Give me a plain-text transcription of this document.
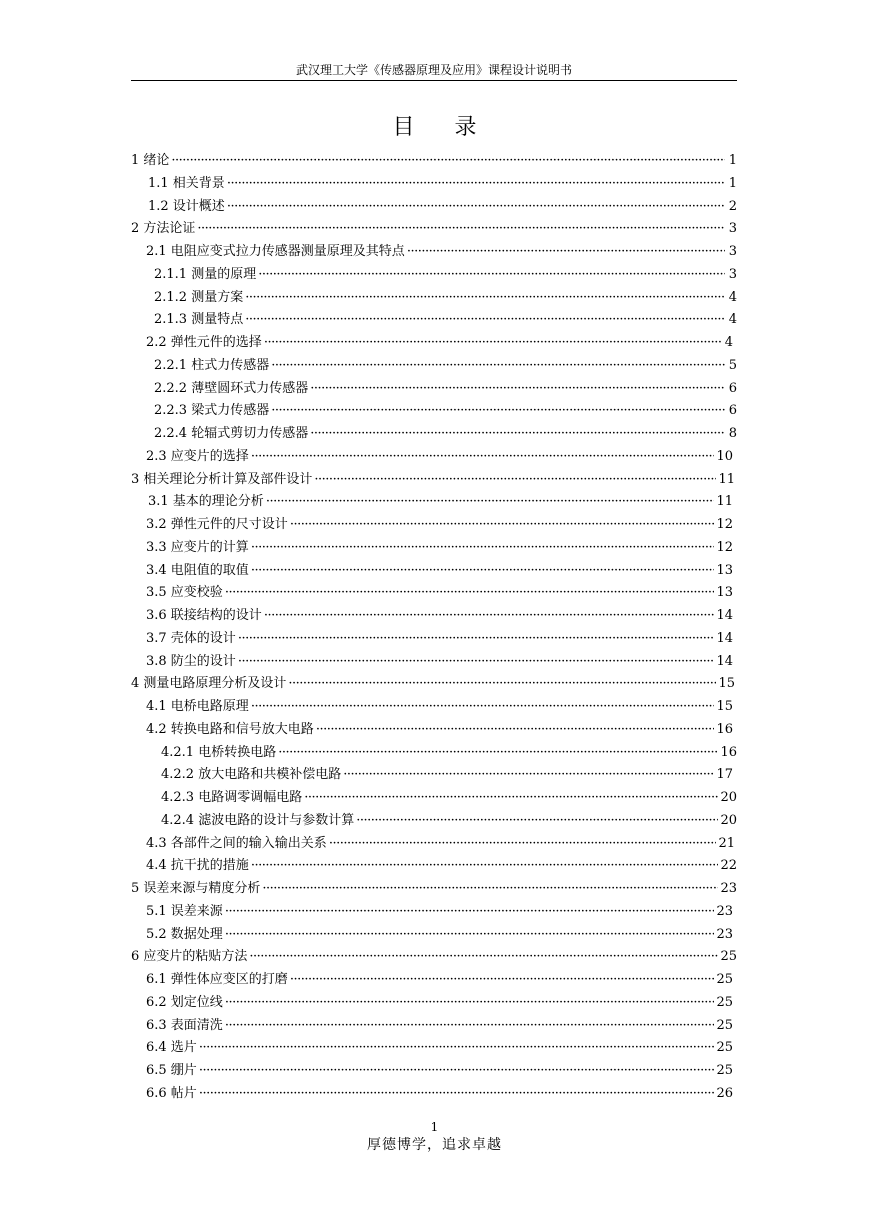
武汉理工大学《传感器原理及应用》课程设计说明书
目 录
1 绪论 ·····	1
1.1 相关背景 ·····	1
1.2 设计概述 ·····	2
2 方法论证 ·····	3
2.1 电阻应变式拉力传感器测量原理及其特点 ·····	3
2.1.1 测量的原理 ·····	3
2.1.2 测量方案 ·····	4
2.1.3 测量特点 ·····	4
2.2 弹性元件的选择 ·····	4
2.2.1 柱式力传感器 ·····	5
2.2.2 薄壁圆环式力传感器 ·····	6
2.2.3 梁式力传感器 ·····	6
2.2.4 轮辐式剪切力传感器 ·····	8
2.3 应变片的选择 ·····	10
3 相关理论分析计算及部件设计 ·····	11
3.1 基本的理论分析 ·····	11
3.2 弹性元件的尺寸设计 ·····	12
3.3 应变片的计算 ·····	12
3.4 电阻值的取值 ·····	13
3.5 应变校验 ·····	13
3.6 联接结构的设计 ·····	14
3.7 壳体的设计 ·····	14
3.8 防尘的设计 ·····	14
4 测量电路原理分析及设计 ·····	15
4.1 电桥电路原理 ·····	15
4.2 转换电路和信号放大电路 ·····	16
4.2.1 电桥转换电路 ·····	16
4.2.2 放大电路和共模补偿电路 ·····	17
4.2.3 电路调零调幅电路 ·····	20
4.2.4 滤波电路的设计与参数计算 ·····	20
4.3 各部件之间的输入输出关系 ·····	21
4.4 抗干扰的措施 ·····	22
5 误差来源与精度分析 ·····	23
5.1 误差来源 ·····	23
5.2 数据处理 ·····	23
6 应变片的粘贴方法 ·····	25
6.1 弹性体应变区的打磨 ·····	25
6.2 划定位线 ·····	25
6.3 表面清洗 ·····	25
6.4 选片 ·····	25
6.5 绷片 ·····	25
6.6 帖片 ·····	26
1
厚德博学，追求卓越
